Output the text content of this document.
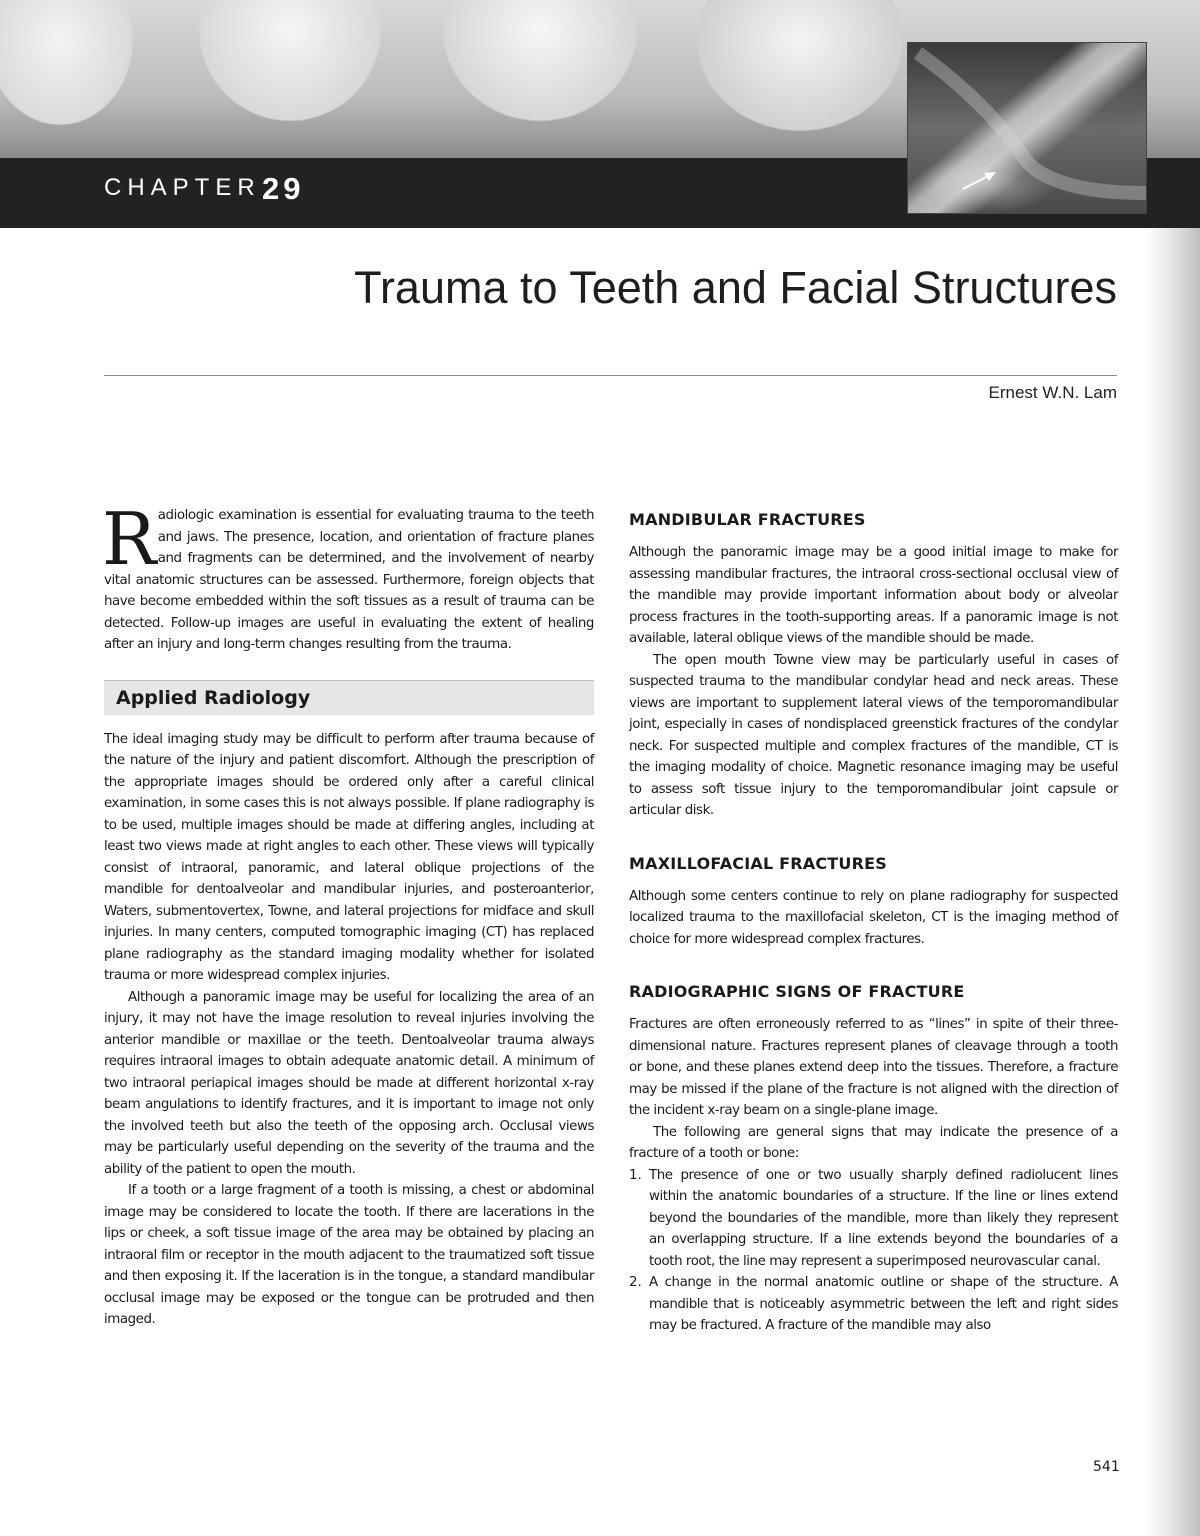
CHAPTER 29
Trauma to Teeth and Facial Structures
Ernest W.N. Lam

Radiologic examination is essential for evaluating trauma to the teeth and jaws. The presence, location, and orientation of fracture planes and fragments can be determined, and the involvement of nearby vital anatomic structures can be assessed. Furthermore, foreign objects that have become embedded within the soft tissues as a result of trauma can be detected. Follow-up images are useful in evaluating the extent of healing after an injury and long-term changes resulting from the trauma.

Applied Radiology

The ideal imaging study may be difficult to perform after trauma because of the nature of the injury and patient discomfort. Although the prescription of the appropriate images should be ordered only after a careful clinical examination, in some cases this is not always possible. If plane radiography is to be used, multiple images should be made at differing angles, including at least two views made at right angles to each other. These views will typically consist of intraoral, panoramic, and lateral oblique projections of the mandible for dentoalveolar and mandibular injuries, and posteroanterior, Waters, submentovertex, Towne, and lateral projections for midface and skull injuries. In many centers, computed tomographic imaging (CT) has replaced plane radiography as the standard imaging modality whether for isolated trauma or more widespread complex injuries.

Although a panoramic image may be useful for localizing the area of an injury, it may not have the image resolution to reveal injuries involving the anterior mandible or maxillae or the teeth. Dentoalveolar trauma always requires intraoral images to obtain adequate anatomic detail. A minimum of two intraoral periapical images should be made at different horizontal x-ray beam angulations to identify fractures, and it is important to image not only the involved teeth but also the teeth of the opposing arch. Occlusal views may be particularly useful depending on the severity of the trauma and the ability of the patient to open the mouth.

If a tooth or a large fragment of a tooth is missing, a chest or abdominal image may be considered to locate the tooth. If there are lacerations in the lips or cheek, a soft tissue image of the area may be obtained by placing an intraoral film or receptor in the mouth adjacent to the traumatized soft tissue and then exposing it. If the laceration is in the tongue, a standard mandibular occlusal image may be exposed or the tongue can be protruded and then imaged.

MANDIBULAR FRACTURES

Although the panoramic image may be a good initial image to make for assessing mandibular fractures, the intraoral cross-sectional occlusal view of the mandible may provide important information about body or alveolar process fractures in the tooth-supporting areas. If a panoramic image is not available, lateral oblique views of the mandible should be made.

The open mouth Towne view may be particularly useful in cases of suspected trauma to the mandibular condylar head and neck areas. These views are important to supplement lateral views of the temporomandibular joint, especially in cases of nondisplaced greenstick fractures of the condylar neck. For suspected multiple and complex fractures of the mandible, CT is the imaging modality of choice. Magnetic resonance imaging may be useful to assess soft tissue injury to the temporomandibular joint capsule or articular disk.

MAXILLOFACIAL FRACTURES

Although some centers continue to rely on plane radiography for suspected localized trauma to the maxillofacial skeleton, CT is the imaging method of choice for more widespread complex fractures.

RADIOGRAPHIC SIGNS OF FRACTURE

Fractures are often erroneously referred to as “lines” in spite of their three-dimensional nature. Fractures represent planes of cleavage through a tooth or bone, and these planes extend deep into the tissues. Therefore, a fracture may be missed if the plane of the fracture is not aligned with the direction of the incident x-ray beam on a single-plane image.

The following are general signs that may indicate the presence of a fracture of a tooth or bone:

1. The presence of one or two usually sharply defined radiolucent lines within the anatomic boundaries of a structure. If the line or lines extend beyond the boundaries of the mandible, more than likely they represent an overlapping structure. If a line extends beyond the boundaries of a tooth root, the line may represent a superimposed neurovascular canal.
2. A change in the normal anatomic outline or shape of the structure. A mandible that is noticeably asymmetric between the left and right sides may be fractured. A fracture of the mandible may also
541
